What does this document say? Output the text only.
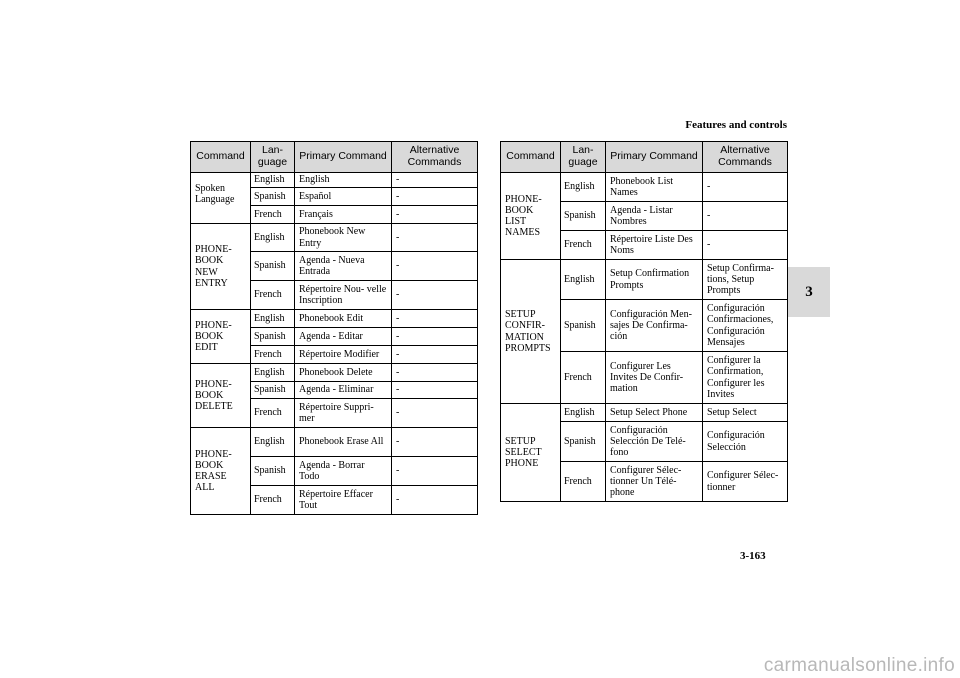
Features and controls
3
Command	Lan- guage	Primary Command	Alternative Commands
Spoken Language	English	English	-
	Spanish	Español	-
	French	Français	-
PHONE- BOOK NEW ENTRY	English	Phonebook New Entry	-
	Spanish	Agenda - Nueva Entrada	-
	French	Répertoire Nou- velle Inscription	-
PHONE- BOOK EDIT	English	Phonebook Edit	-
	Spanish	Agenda - Editar	-
	French	Répertoire Modifier	-
PHONE- BOOK DELETE	English	Phonebook Delete	-
	Spanish	Agenda - Eliminar	-
	French	Répertoire Suppri- mer	-
PHONE- BOOK ERASE ALL	English	Phonebook Erase All	-
	Spanish	Agenda - Borrar Todo	-
	French	Répertoire Effacer Tout	-
Command	Lan- guage	Primary Command	Alternative Commands
PHONE- BOOK LIST NAMES	English	Phonebook List Names	-
	Spanish	Agenda - Listar Nombres	-
	French	Répertoire Liste Des Noms	-
SETUP CONFIR- MATION PROMPTS	English	Setup Confirmation Prompts	Setup Confirma- tions, Setup Prompts
	Spanish	Configuración Men- sajes De Confirma- ción	Configuración Confirmaciones, Configuración Mensajes
	French	Configurer Les Invites De Confir- mation	Configurer la Confirmation, Configurer les Invites
SETUP SELECT PHONE	English	Setup Select Phone	Setup Select
	Spanish	Configuración Selección De Telé- fono	Configuración Selección
	French	Configurer Sélec- tionner Un Télé- phone	Configurer Sélec- tionner
3-163
carmanualsonline.info
